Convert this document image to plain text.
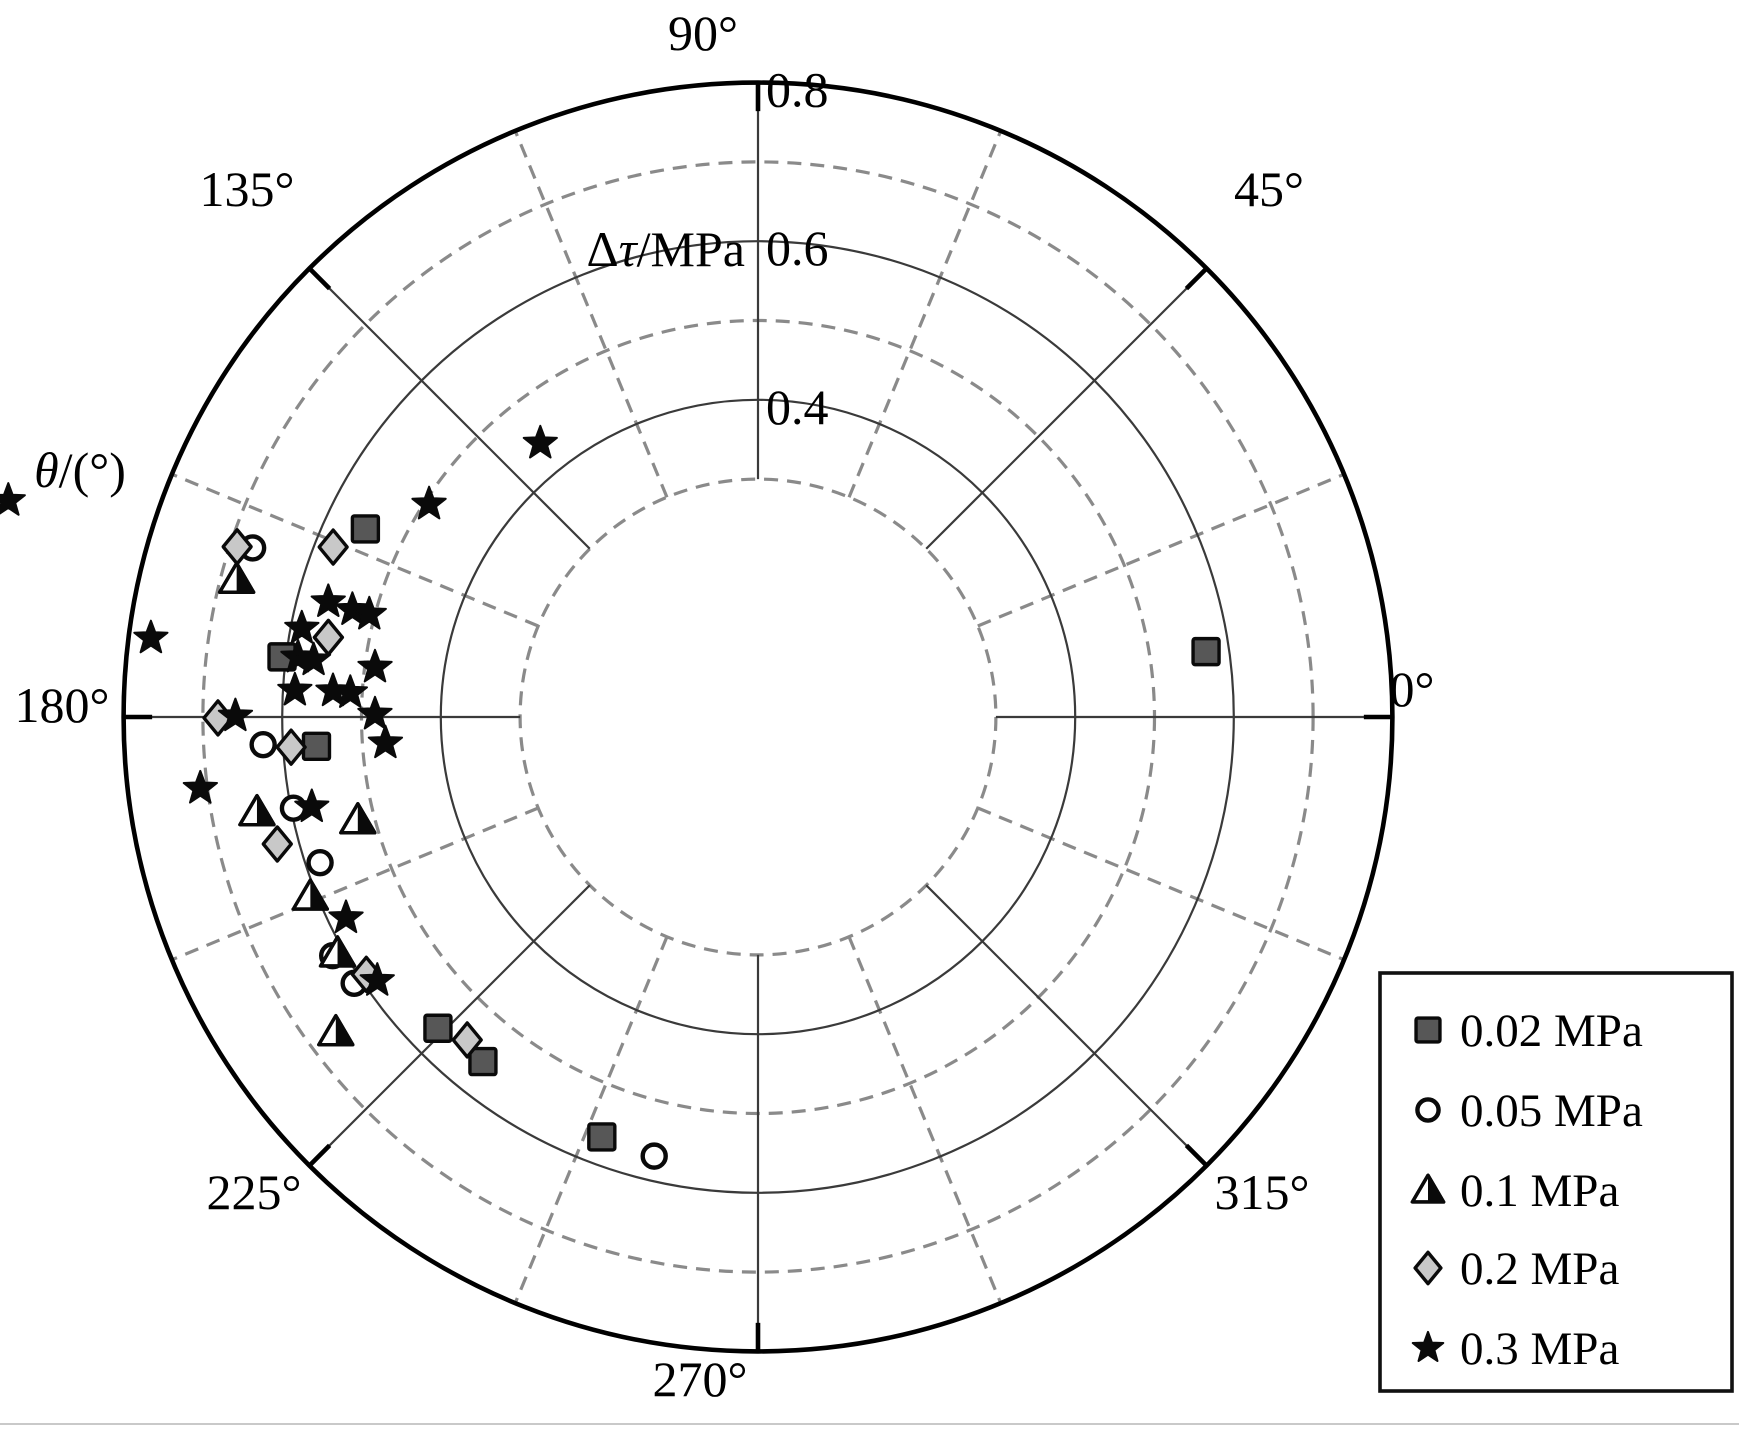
0.4
0.6
0.8
0°
45°
90°
135°
180°
225°
270°
315°
Δτ/MPa
θ/(°)
0.02 MPa
0.05 MPa
0.1 MPa
0.2 MPa
0.3 MPa
